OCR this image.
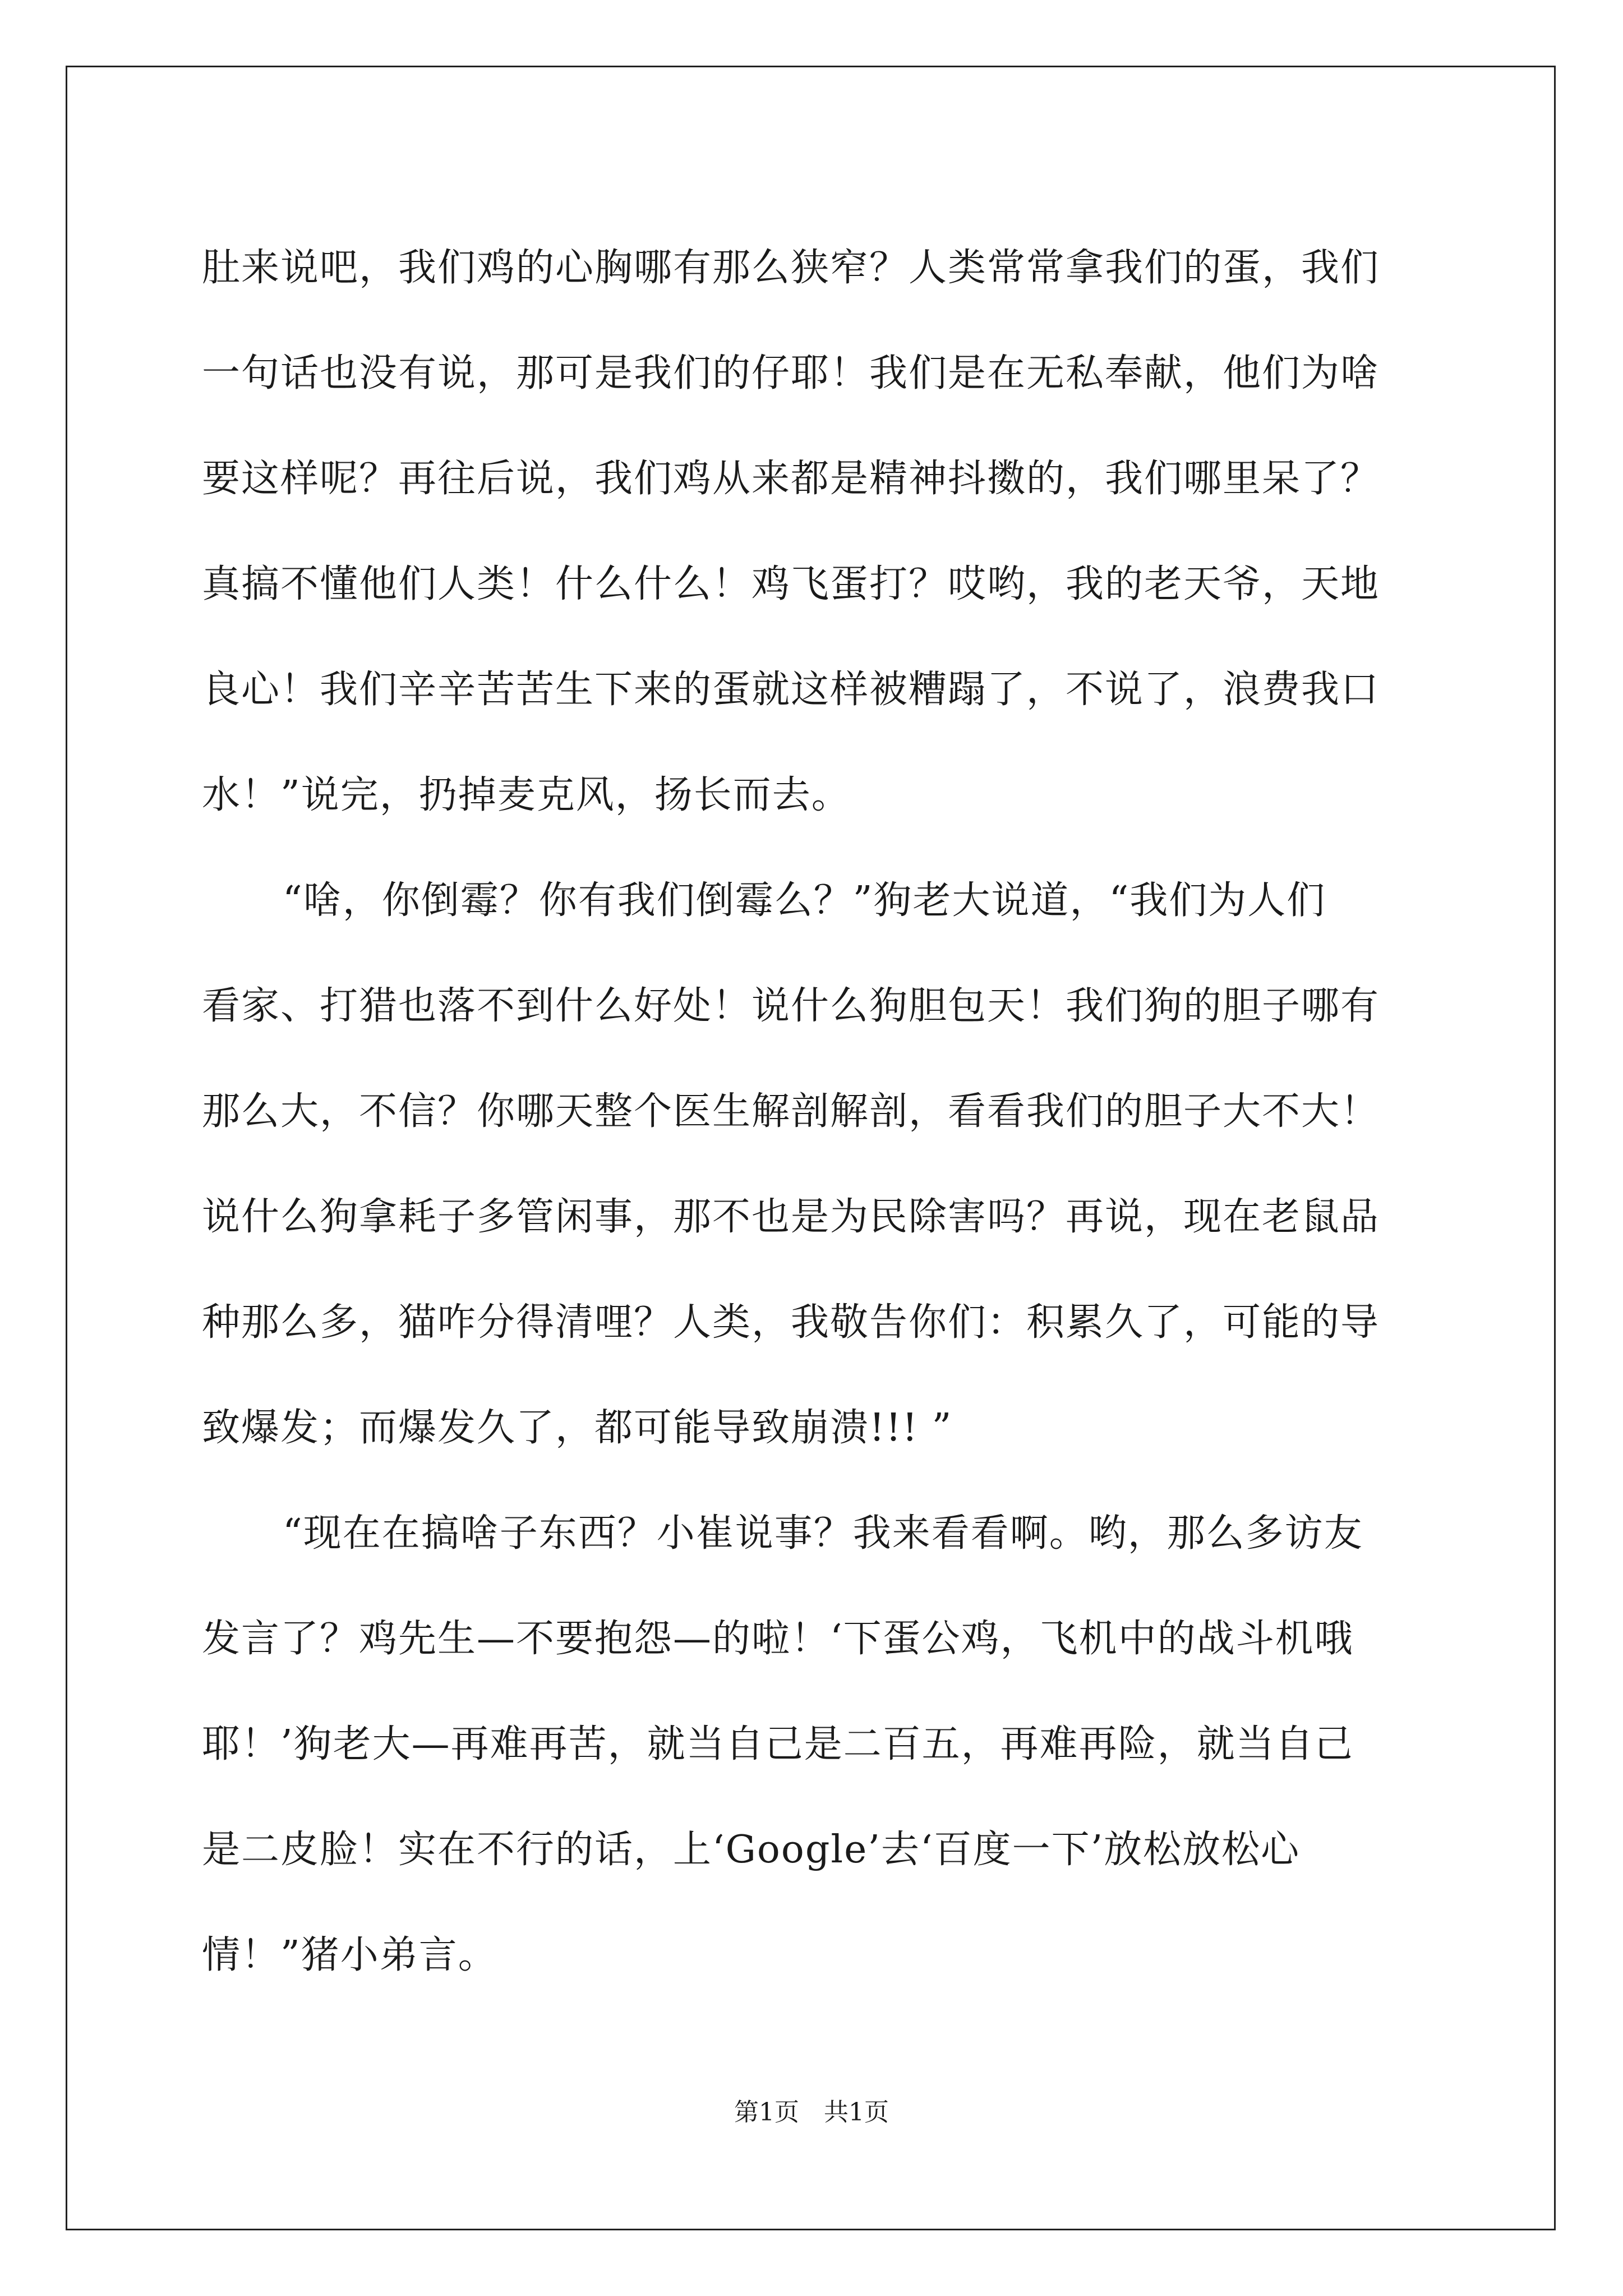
肚来说吧，我们鸡的心胸哪有那么狭窄？人类常常拿我们的蛋，我们
一句话也没有说，那可是我们的仔耶！我们是在无私奉献，他们为啥
要这样呢？再往后说，我们鸡从来都是精神抖擞的，我们哪里呆了？
真搞不懂他们人类！什么什么！鸡飞蛋打？哎哟，我的老天爷，天地
良心！我们辛辛苦苦生下来的蛋就这样被糟蹋了，不说了，浪费我口
水！”说完，扔掉麦克风，扬长而去。
“啥，你倒霉？你有我们倒霉么？”狗老大说道，“我们为人们
看家、打猎也落不到什么好处！说什么狗胆包天！我们狗的胆子哪有
那么大，不信？你哪天整个医生解剖解剖，看看我们的胆子大不大！
说什么狗拿耗子多管闲事，那不也是为民除害吗？再说，现在老鼠品
种那么多，猫咋分得清哩？人类，我敬告你们：积累久了，可能的导
致爆发；而爆发久了，都可能导致崩溃!!! ”
“现在在搞啥子东西？小崔说事？我来看看啊。哟，那么多访友
发言了？鸡先生—不要抱怨—的啦！‘下蛋公鸡，飞机中的战斗机哦
耶！’狗老大—再难再苦，就当自己是二百五，再难再险，就当自己
是二皮脸！实在不行的话，上‘Google’去‘百度一下’放松放松心
情！”猪小弟言。
第1页　共1页
